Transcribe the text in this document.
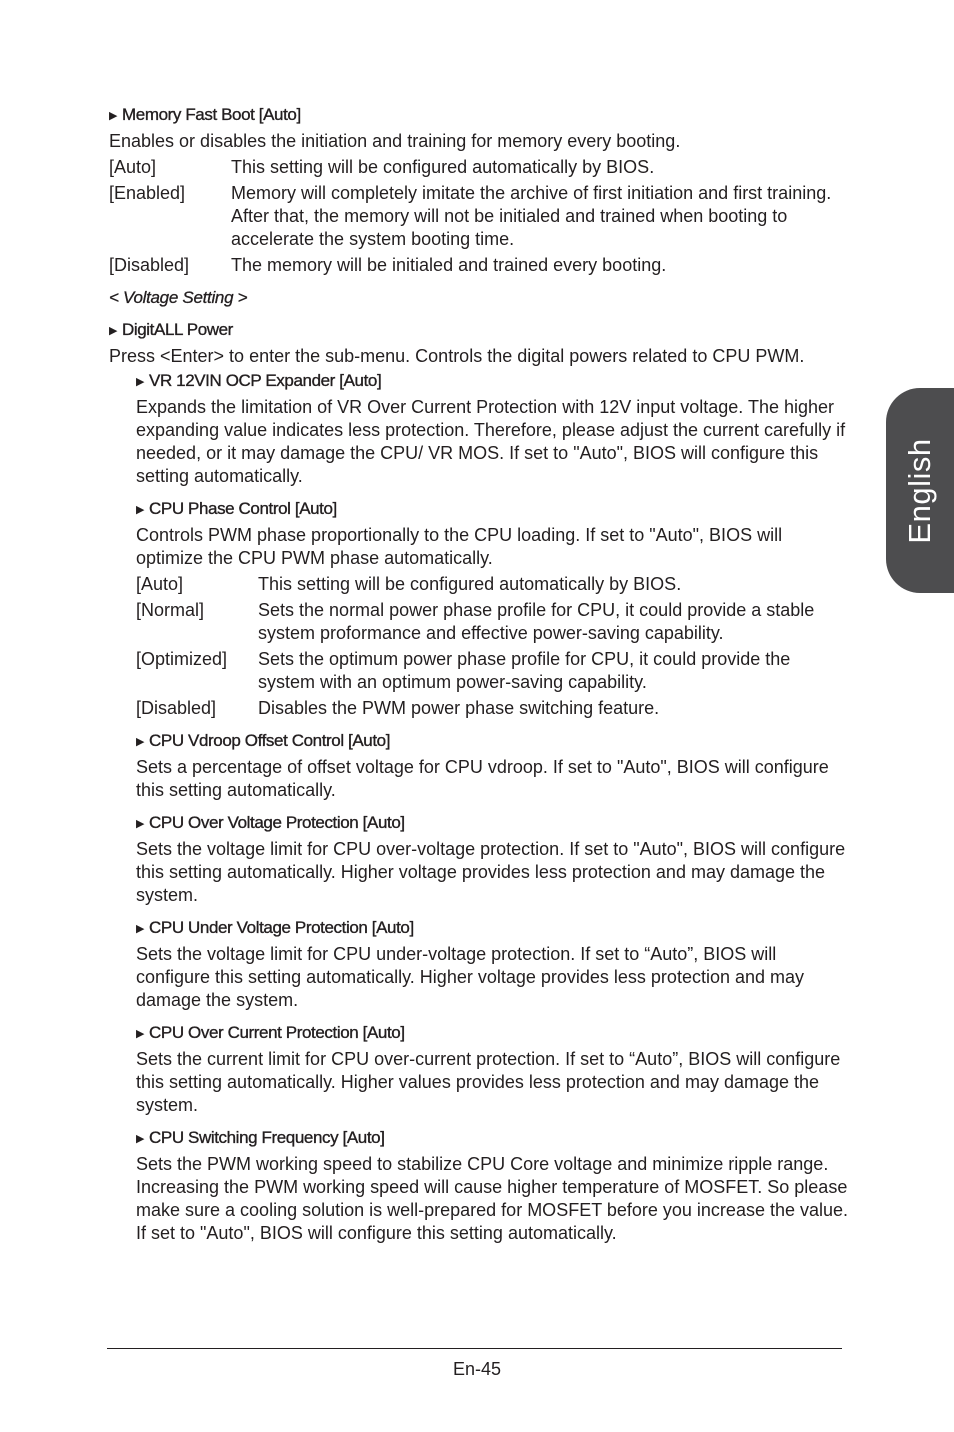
▶ Memory Fast Boot [Auto]
Enables or disables the initiation and training for memory every booting.
[Auto]	This setting will be configured automatically by BIOS.
[Enabled]	Memory will completely imitate the archive of first initiation and first training. After that, the memory will not be initialed and trained when booting to accelerate the system booting time.
[Disabled]	The memory will be initialed and trained every booting.
< Voltage Setting >
▶ DigitALL Power
Press <Enter> to enter the sub-menu. Controls the digital powers related to CPU PWM.
▶ VR 12VIN OCP Expander [Auto]
Expands the limitation of VR Over Current Protection with 12V input voltage. The higher expanding value indicates less protection. Therefore, please adjust the current carefully if needed, or it may damage the CPU/ VR MOS. If set to "Auto", BIOS will configure this setting automatically.
▶ CPU Phase Control [Auto]
Controls PWM phase proportionally to the CPU loading. If set to "Auto", BIOS will optimize the CPU PWM phase automatically.
[Auto]	This setting will be configured automatically by BIOS.
[Normal]	Sets the normal power phase profile for CPU, it could provide a stable system proformance and effective power-saving capability.
[Optimized]	Sets the optimum power phase profile for CPU, it could provide the system with an optimum power-saving capability.
[Disabled]	Disables the PWM power phase switching feature.
▶ CPU Vdroop Offset Control [Auto]
Sets a percentage of offset voltage for CPU vdroop. If set to "Auto", BIOS will configure this setting automatically.
▶ CPU Over Voltage Protection [Auto]
Sets the voltage limit for CPU over-voltage protection. If set to "Auto", BIOS will configure this setting automatically. Higher voltage provides less protection and may damage the system.
▶ CPU Under Voltage Protection [Auto]
Sets the voltage limit for CPU under-voltage protection. If set to “Auto”, BIOS will configure this setting automatically. Higher voltage provides less protection and may damage the system.
▶ CPU Over Current Protection [Auto]
Sets the current limit for CPU over-current protection. If set to “Auto”, BIOS will configure this setting automatically. Higher values provides less protection and may damage the system.
▶ CPU Switching Frequency [Auto]
Sets the PWM working speed to stabilize CPU Core voltage and minimize ripple range. Increasing the PWM working speed will cause higher temperature of MOSFET. So please make sure a cooling solution is well-prepared for MOSFET before you increase the value. If set to "Auto", BIOS will configure this setting automatically.
En-45
English
